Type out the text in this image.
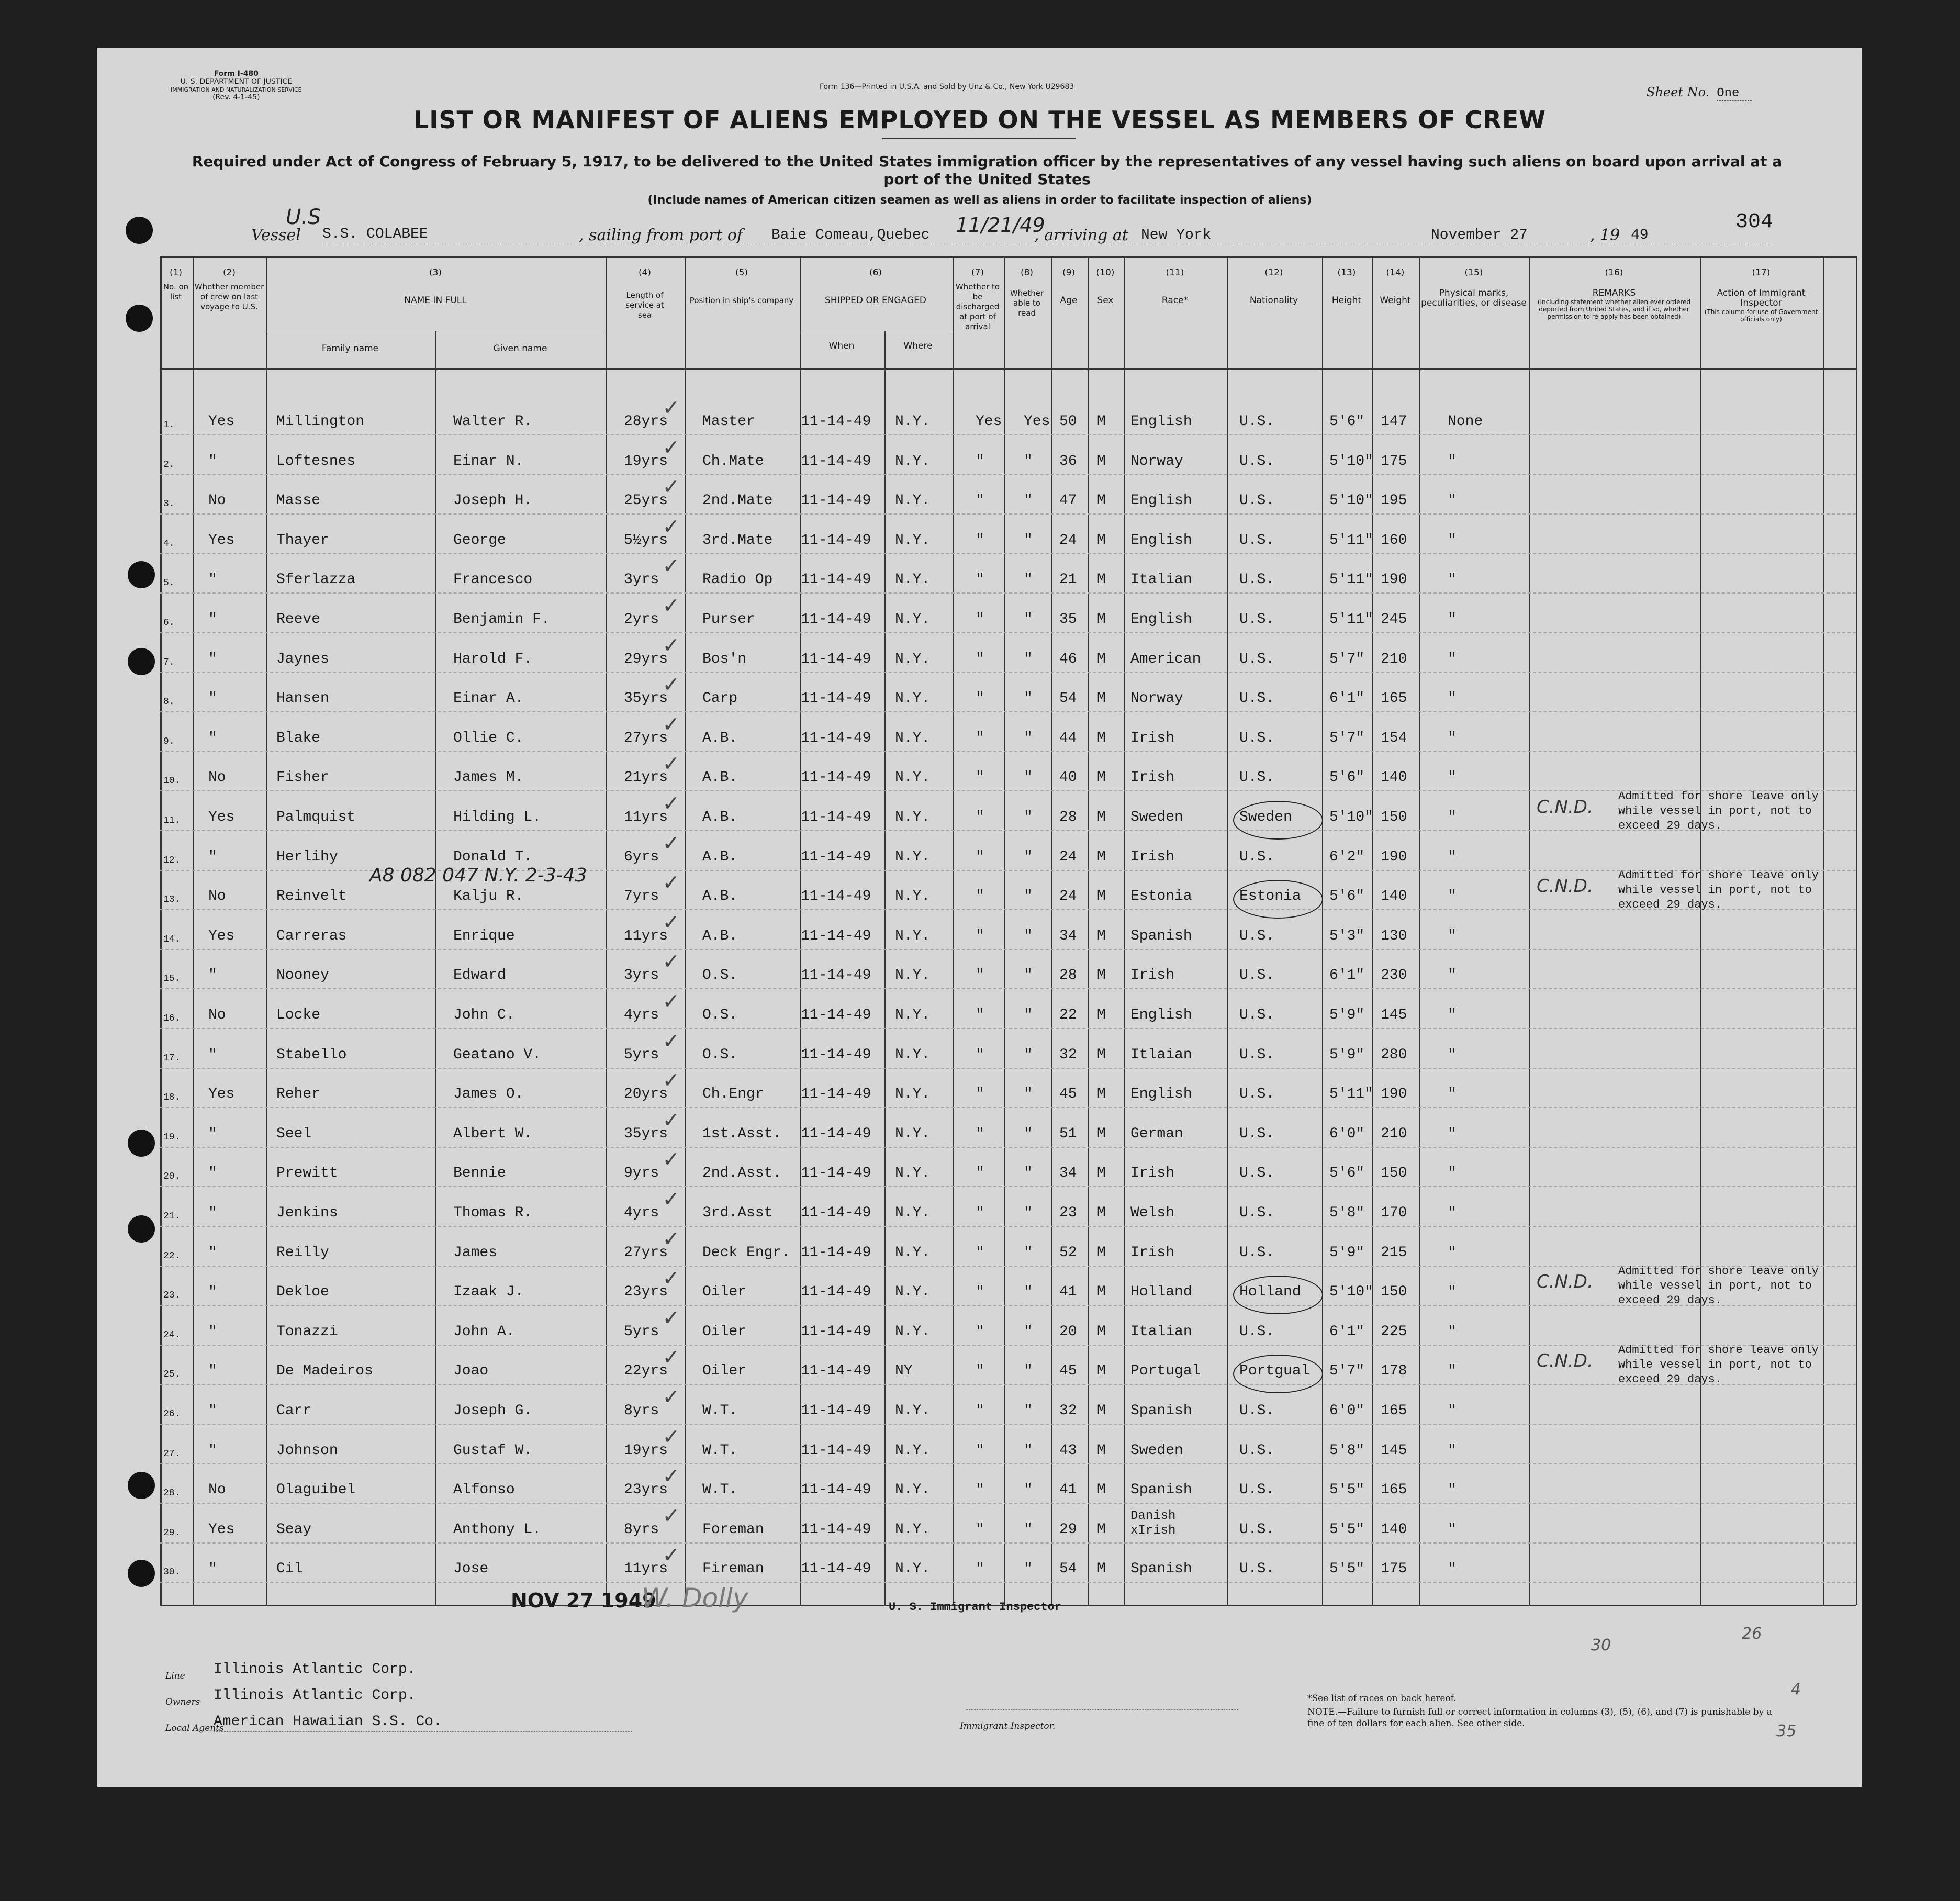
Form I-480
U. S. DEPARTMENT OF JUSTICE
IMMIGRATION AND NATURALIZATION SERVICE
(Rev. 4-1-45)
Form 136—Printed in U.S.A. and Sold by Unz & Co., New York U29683	Sheet No. One
LIST OR MANIFEST OF ALIENS EMPLOYED ON THE VESSEL AS MEMBERS OF CREW
Required under Act of Congress of February 5, 1917, to be delivered to the United States immigration officer by the representatives of any vessel having such aliens on board upon arrival at a port of the United States
(Include names of American citizen seamen as well as aliens in order to facilitate inspection of aliens)
U.S
Vessel S.S. COLABEE	, sailing from port of Baie Comeau,Quebec 11/21/49
, arriving at New York	November 27	, 19 49
304
(1)
No. on list
(2)
Whether member of crew on last voyage to U.S.
(3)
NAME IN FULL
Family name	Given name
(4)
Length of service at sea
(5)
Position in ship's company
(6)
SHIPPED OR ENGAGED
When	Where
(7)
Whether to be discharged at port of arrival
(8)
Whether able to read
(9)
Age
(10)
Sex
(11)
Race*
(12)
Nationality
(13)
Height
(14)
Weight
(15)
Physical marks, peculiarities, or disease
(16)
REMARKS
(Including statement whether alien ever ordered deported from United States, and if so, whether permission to re-apply has been obtained)
(17)
Action of Immigrant Inspector
(This column for use of Government officials only)
1. Yes	Millington	Walter R.	28yrs Master	11-14-49 N.Y.	Yes Yes 50 M English	U.S.	5'6" 147	None
✓
2. "	Loftesnes	Einar N.	19yrs Ch.Mate	11-14-49 N.Y.	"	" 36 M Norway	U.S.	5'10" 175	"
✓
3. No	Masse	Joseph H.	25yrs 2nd.Mate 11-14-49 N.Y.	"	" 47 M English	U.S.	5'10" 195	"
✓
4. Yes	Thayer	George	5½yrs 3rd.Mate 11-14-49 N.Y.	"	" 24 M English	U.S.	5'11" 160	"
✓
5. "	Sferlazza	Francesco	3yrs	Radio Op 11-14-49 N.Y.	"	" 21 M Italian	U.S.	5'11" 190	"
✓
6. "	Reeve	Benjamin F.	2yrs	Purser	11-14-49 N.Y.	"	" 35 M English	U.S.	5'11" 245	"
✓
7. "	Jaynes	Harold F.	29yrs Bos'n	11-14-49 N.Y.	"	" 46 M American	U.S.	5'7" 210	"
✓
8. "	Hansen	Einar A.	35yrs Carp	11-14-49 N.Y.	"	" 54 M Norway	U.S.	6'1" 165	"
✓
9. "	Blake	Ollie C.	27yrs A.B.	11-14-49 N.Y.	"	" 44 M Irish	U.S.	5'7" 154	"
✓
10. No	Fisher	James M.	21yrs A.B.	11-14-49 N.Y.	"	" 40 M Irish	U.S.	5'6" 140	"
✓
11. Yes	Palmquist	Hilding L.	11yrs A.B.	11-14-49 N.Y.	"	" 28 M Sweden	Sweden	5'10" 150	"
✓	Admitted for shore leave only
while vessel in port, not to
exceed 29 days.
C.N.D.
12. "	Herlihy	Donald T.	6yrs	A.B.	11-14-49 N.Y.	"	" 24 M Irish	U.S.	6'2" 190	"
✓
13. No	Reinvelt	Kalju R.	7yrs	A.B.	11-14-49 N.Y.	"	" 24 M Estonia	Estonia 5'6" 140	"
✓	Admitted for shore leave only
while vessel in port, not to
exceed 29 days.
C.N.D.
14. Yes	Carreras	Enrique	11yrs A.B.	11-14-49 N.Y.	"	" 34 M Spanish	U.S.	5'3" 130	"
✓
15. "	Nooney	Edward	3yrs	O.S.	11-14-49 N.Y.	"	" 28 M Irish	U.S.	6'1" 230	"
✓
16. No	Locke	John C.	4yrs	O.S.	11-14-49 N.Y.	"	" 22 M English	U.S.	5'9" 145	"
✓
17. "	Stabello	Geatano V.	5yrs	O.S.	11-14-49 N.Y.	"	" 32 M Itlaian	U.S.	5'9" 280	"
✓
18. Yes	Reher	James O.	20yrs Ch.Engr	11-14-49 N.Y.	"	" 45 M English	U.S.	5'11" 190	"
✓
19. "	Seel	Albert W.	35yrs 1st.Asst. 11-14-49 N.Y.	"	" 51 M German	U.S.	6'0" 210	"
✓
20. "	Prewitt	Bennie	9yrs	2nd.Asst. 11-14-49 N.Y.	"	" 34 M Irish	U.S.	5'6" 150	"
✓
21. "	Jenkins	Thomas R.	4yrs	3rd.Asst 11-14-49 N.Y.	"	" 23 M Welsh	U.S.	5'8" 170	"
✓
22. "	Reilly	James	27yrs Deck Engr. 11-14-49 N.Y.	"	" 52 M Irish	U.S.	5'9" 215	"
✓
23. "	Dekloe	Izaak J.	23yrs Oiler	11-14-49 N.Y.	"	" 41 M Holland	Holland 5'10" 150	"
✓	Admitted for shore leave only
while vessel in port, not to
exceed 29 days.
C.N.D.
24. "	Tonazzi	John A.	5yrs	Oiler	11-14-49 N.Y.	"	" 20 M Italian	U.S.	6'1" 225	"
✓
25. "	De Madeiros	Joao	22yrs Oiler	11-14-49 NY	"	" 45 M Portugal	Portgual 5'7" 178	"
✓	Admitted for shore leave only
while vessel in port, not to
exceed 29 days.
C.N.D.
26. "	Carr	Joseph G.	8yrs	W.T.	11-14-49 N.Y.	"	" 32 M Spanish	U.S.	6'0" 165	"
✓
27. "	Johnson	Gustaf W.	19yrs W.T.	11-14-49 N.Y.	"	" 43 M Sweden	U.S.	5'8" 145	"
✓
28. No	Olaguibel	Alfonso	23yrs W.T.	11-14-49 N.Y.	"	" 41 M Spanish	U.S.	5'5" 165	"
✓
29. Yes	Seay	Anthony L.	8yrs	Foreman	11-14-49 N.Y.	"	" 29 M
Danish xIrish	U.S.	5'5" 140	"
✓
30. "	Cil	Jose	11yrs Fireman	11-14-49 N.Y.	"	" 54 M Spanish	U.S.	5'5" 175	"
✓
A8 082 047 N.Y. 2-3-43
NOV 27 1949
W. Dolly	U. S. Immigrant Inspector
Line Illinois Atlantic Corp.
Owners Illinois Atlantic Corp.
Local Agents
American Hawaiian S.S. Co.	Immigrant Inspector.
*See list of races on back hereof.
NOTE.—Failure to furnish full or correct information in columns (3), (5), (6), and (7) is punishable by a fine of ten dollars for each alien. See other side.
30
26
4
35
